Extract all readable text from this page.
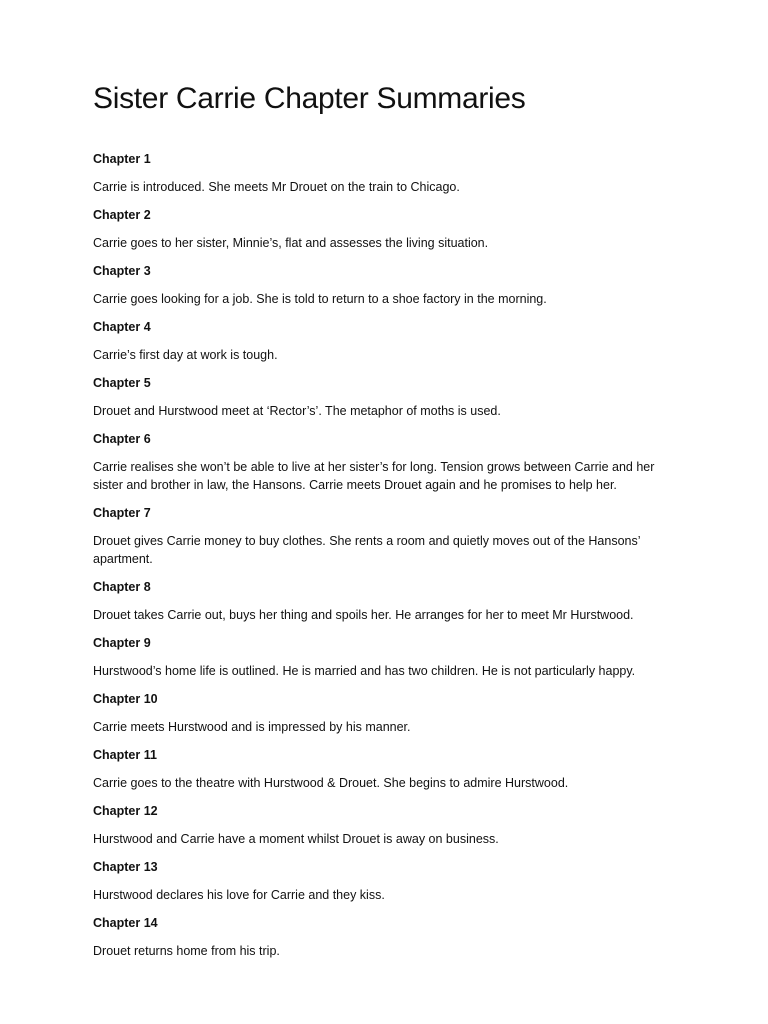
Sister Carrie Chapter Summaries
Chapter 1

Carrie is introduced. She meets Mr Drouet on the train to Chicago.

Chapter 2

Carrie goes to her sister, Minnie’s, flat and assesses the living situation.

Chapter 3

Carrie goes looking for a job. She is told to return to a shoe factory in the morning.

Chapter 4

Carrie’s first day at work is tough.

Chapter 5

Drouet and Hurstwood meet at ‘Rector’s’. The metaphor of moths is used.

Chapter 6

Carrie realises she won’t be able to live at her sister’s for long. Tension grows between Carrie and her sister and brother in law, the Hansons. Carrie meets Drouet again and he promises to help her.

Chapter 7

Drouet gives Carrie money to buy clothes. She rents a room and quietly moves out of the Hansons’ apartment.

Chapter 8

Drouet takes Carrie out, buys her thing and spoils her. He arranges for her to meet Mr Hurstwood.

Chapter 9

Hurstwood’s home life is outlined. He is married and has two children. He is not particularly happy.

Chapter 10

Carrie meets Hurstwood and is impressed by his manner.

Chapter 11

Carrie goes to the theatre with Hurstwood & Drouet. She begins to admire Hurstwood.

Chapter 12

Hurstwood and Carrie have a moment whilst Drouet is away on business.

Chapter 13

Hurstwood declares his love for Carrie and they kiss.

Chapter 14

Drouet returns home from his trip.
